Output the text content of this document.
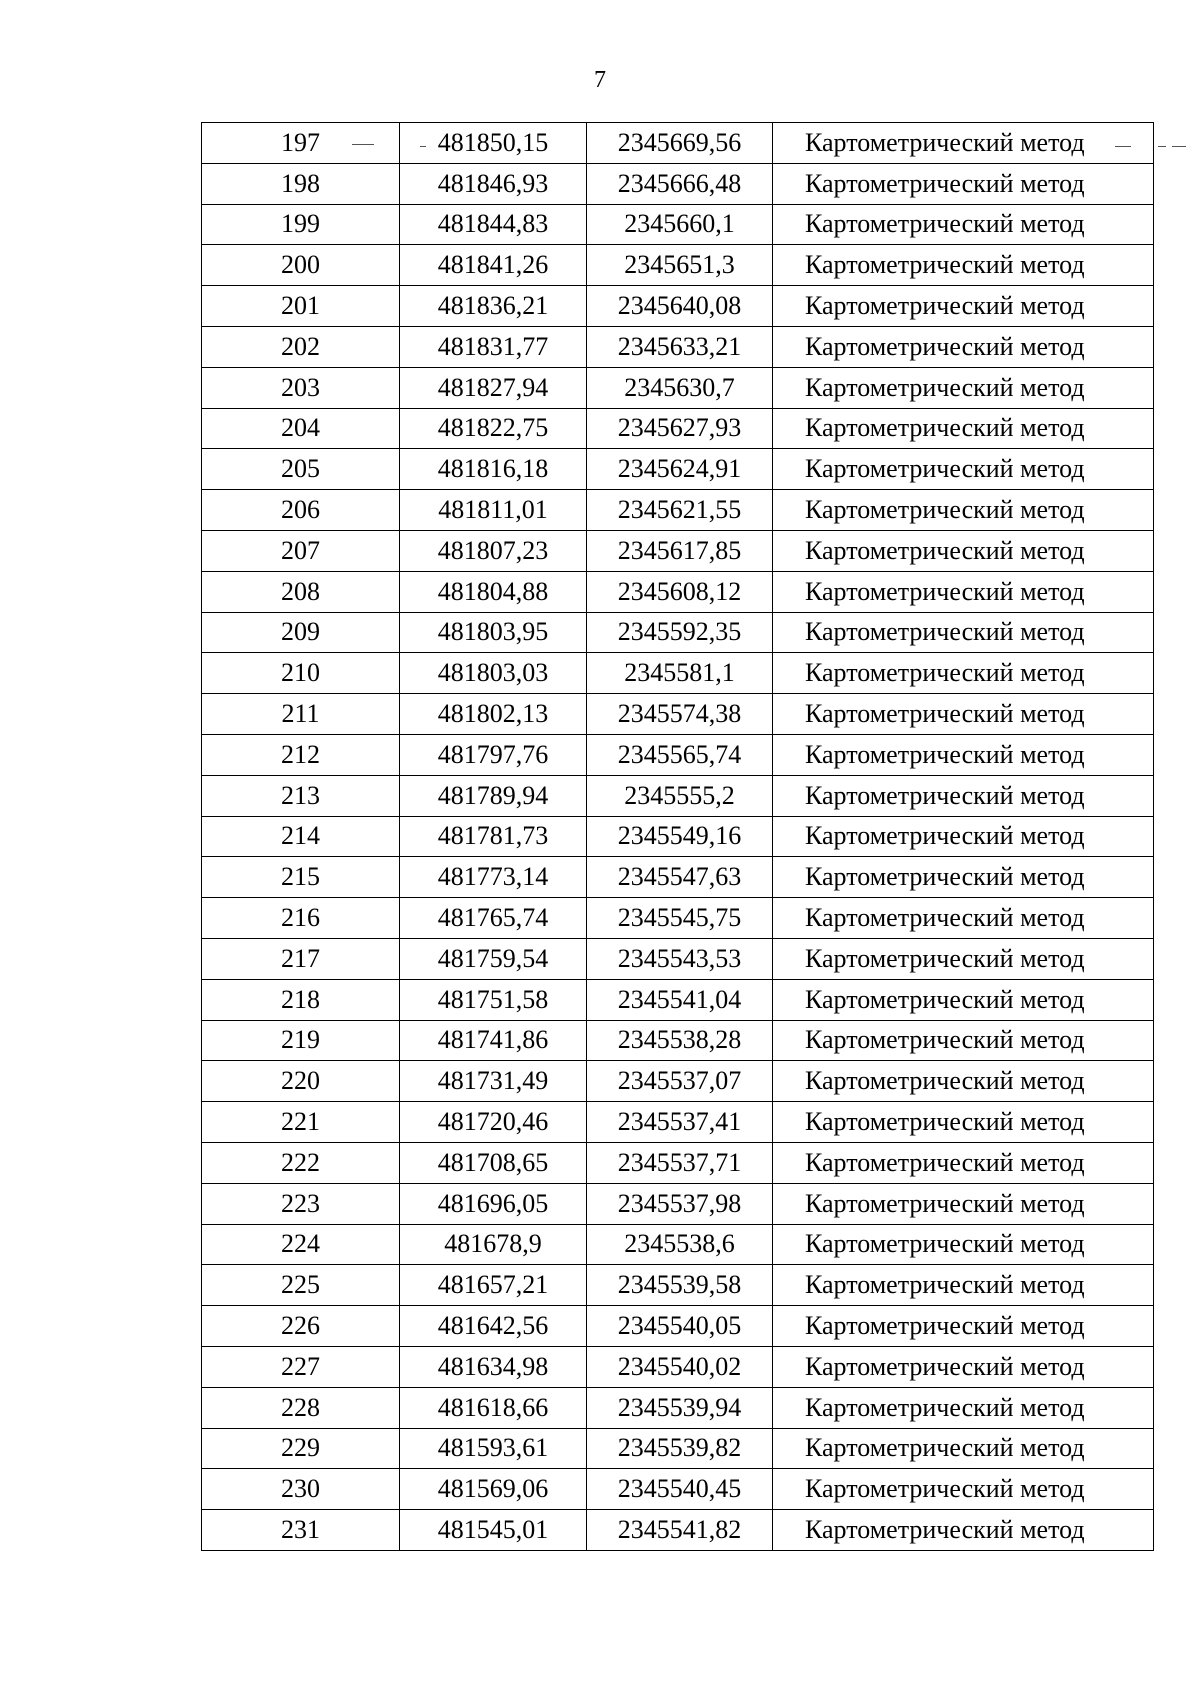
7
197	481850,15	2345669,56	Картометрический метод
198	481846,93	2345666,48	Картометрический метод
199	481844,83	2345660,1	Картометрический метод
200	481841,26	2345651,3	Картометрический метод
201	481836,21	2345640,08	Картометрический метод
202	481831,77	2345633,21	Картометрический метод
203	481827,94	2345630,7	Картометрический метод
204	481822,75	2345627,93	Картометрический метод
205	481816,18	2345624,91	Картометрический метод
206	481811,01	2345621,55	Картометрический метод
207	481807,23	2345617,85	Картометрический метод
208	481804,88	2345608,12	Картометрический метод
209	481803,95	2345592,35	Картометрический метод
210	481803,03	2345581,1	Картометрический метод
211	481802,13	2345574,38	Картометрический метод
212	481797,76	2345565,74	Картометрический метод
213	481789,94	2345555,2	Картометрический метод
214	481781,73	2345549,16	Картометрический метод
215	481773,14	2345547,63	Картометрический метод
216	481765,74	2345545,75	Картометрический метод
217	481759,54	2345543,53	Картометрический метод
218	481751,58	2345541,04	Картометрический метод
219	481741,86	2345538,28	Картометрический метод
220	481731,49	2345537,07	Картометрический метод
221	481720,46	2345537,41	Картометрический метод
222	481708,65	2345537,71	Картометрический метод
223	481696,05	2345537,98	Картометрический метод
224	481678,9	2345538,6	Картометрический метод
225	481657,21	2345539,58	Картометрический метод
226	481642,56	2345540,05	Картометрический метод
227	481634,98	2345540,02	Картометрический метод
228	481618,66	2345539,94	Картометрический метод
229	481593,61	2345539,82	Картометрический метод
230	481569,06	2345540,45	Картометрический метод
231	481545,01	2345541,82	Картометрический метод
